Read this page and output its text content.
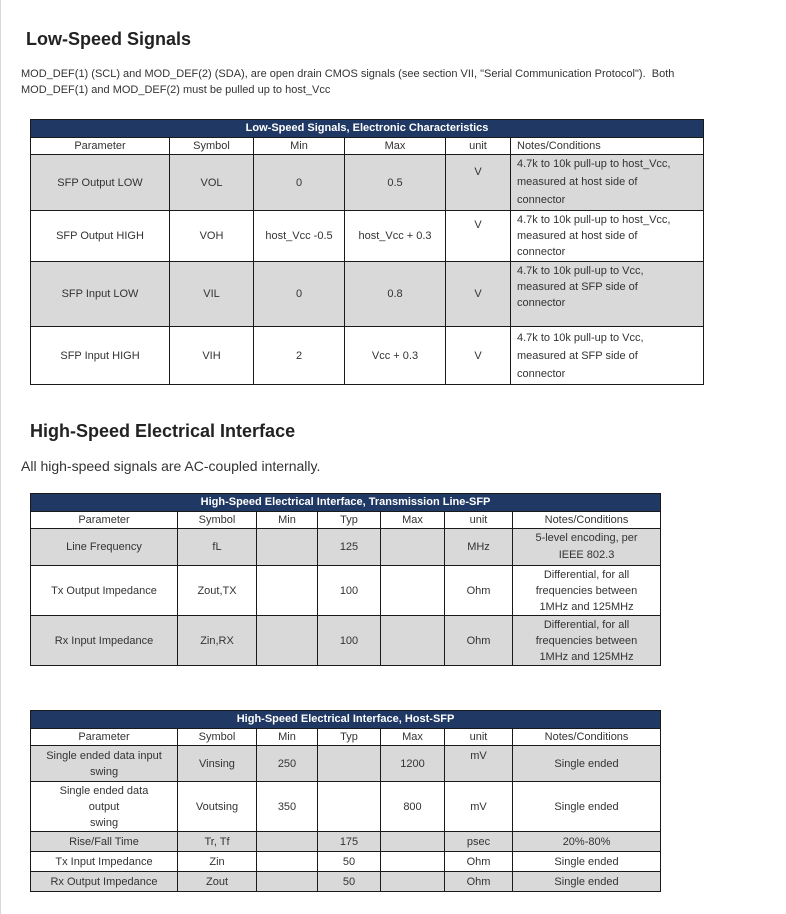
Low-Speed Signals

MOD_DEF(1) (SCL) and MOD_DEF(2) (SDA), are open drain CMOS signals (see section VII, "Serial Communication Protocol").  Both
MOD_DEF(1) and MOD_DEF(2) must be pulled up to host_Vcc

Low-Speed Signals, Electronic Characteristics					
Parameter	Symbol	Min	Max	unit	Notes/Conditions
SFP Output LOW	VOL	0	0.5	V	4.7k to 10k pull-up to host_Vcc,
measured at host side of
connector

SFP Output HIGH	VOH	host_Vcc -0.5	host_Vcc + 0.3	V	4.7k to 10k pull-up to host_Vcc,
measured at host side of
connector

SFP Input LOW	VIL	0	0.8	V	4.7k to 10k pull-up to Vcc,
measured at SFP side of
connector

SFP Input HIGH	VIH	2	Vcc + 0.3	V	4.7k to 10k pull-up to Vcc,
measured at SFP side of
connector
High-Speed Electrical Interface

All high-speed signals are AC-coupled internally.

High-Speed Electrical Interface, Transmission Line-SFP						
Parameter	Symbol	Min	Typ	Max	unit	Notes/Conditions
Line Frequency	fL		125		MHz	5-level encoding, per
IEEE 802.3

Tx Output Impedance	Zout,TX		100		Ohm	Differential, for all
frequencies between
1MHz and 125MHz

Rx Input Impedance	Zin,RX		100		Ohm	Differential, for all
frequencies between
1MHz and 125MHz
High-Speed Electrical Interface, Host-SFP						
Parameter	Symbol	Min	Typ	Max	unit	Notes/Conditions

Single ended data input
swing	Vinsing	250		1200	mV	Single ended

Single ended data
output
swing	Voutsing	350		800	mV	Single ended
Rise/Fall Time	Tr, Tf		175		psec	20%-80%
Tx Input Impedance	Zin		50		Ohm	Single ended
Rx Output Impedance	Zout		50		Ohm	Single ended
